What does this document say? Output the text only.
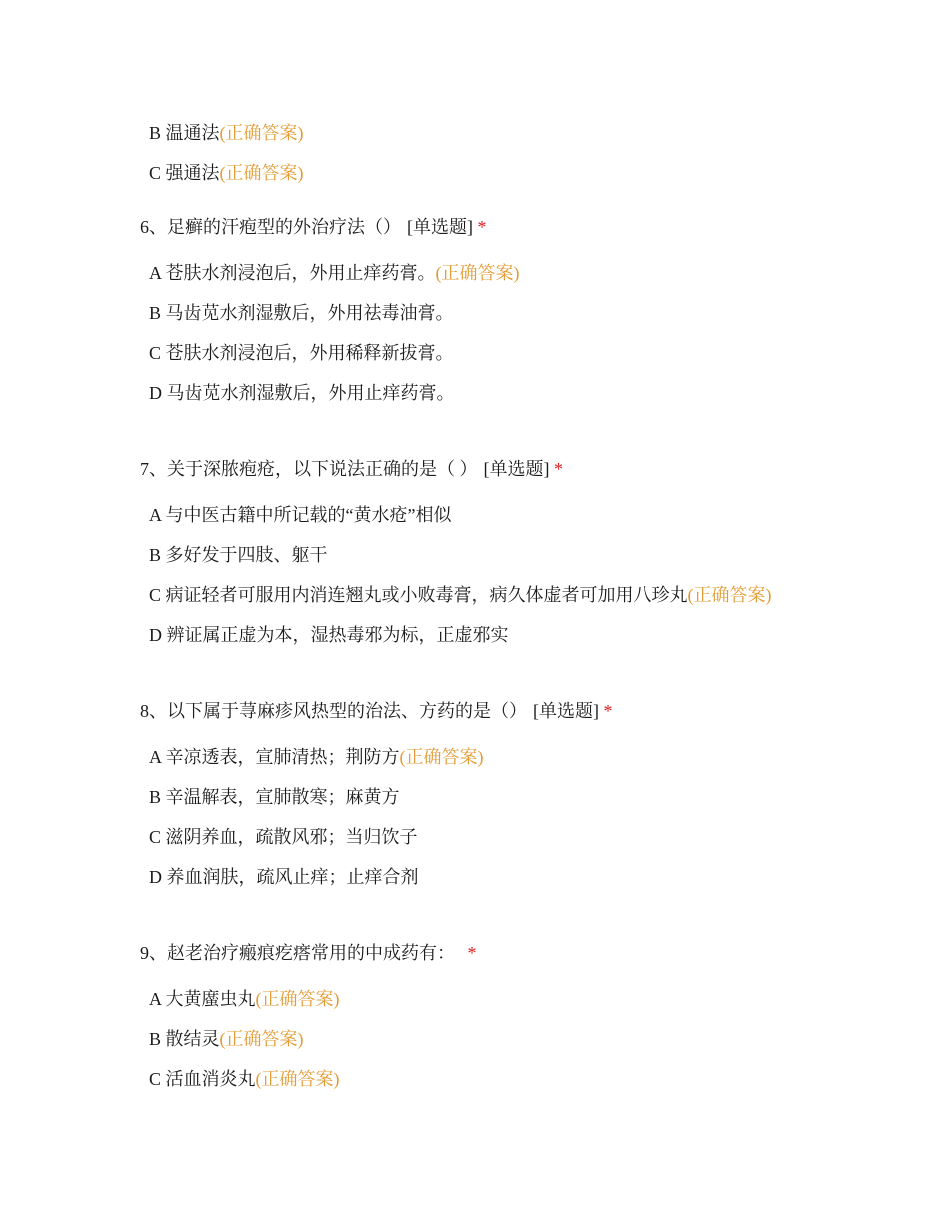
B 温通法(正确答案)
C 强通法(正确答案)
6、足癣的汗疱型的外治疗法（） [单选题] *
A 苍肤水剂浸泡后，外用止痒药膏。(正确答案)
B 马齿苋水剂湿敷后，外用祛毒油膏。
C 苍肤水剂浸泡后，外用稀释新拔膏。
D 马齿苋水剂湿敷后，外用止痒药膏。
7、关于深脓疱疮，以下说法正确的是（ ） [单选题] *
A 与中医古籍中所记载的“黄水疮”相似
B 多好发于四肢、躯干
C 病证轻者可服用内消连翘丸或小败毒膏，病久体虚者可加用八珍丸(正确答案)
D 辨证属正虚为本，湿热毒邪为标，正虚邪实
8、以下属于荨麻疹风热型的治法、方药的是（） [单选题] *
A 辛凉透表，宣肺清热；荆防方(正确答案)
B 辛温解表，宣肺散寒；麻黄方
C 滋阴养血，疏散风邪；当归饮子
D 养血润肤，疏风止痒；止痒合剂
9、赵老治疗瘢痕疙瘩常用的中成药有： *
A 大黄䗪虫丸(正确答案)
B 散结灵(正确答案)
C 活血消炎丸(正确答案)
